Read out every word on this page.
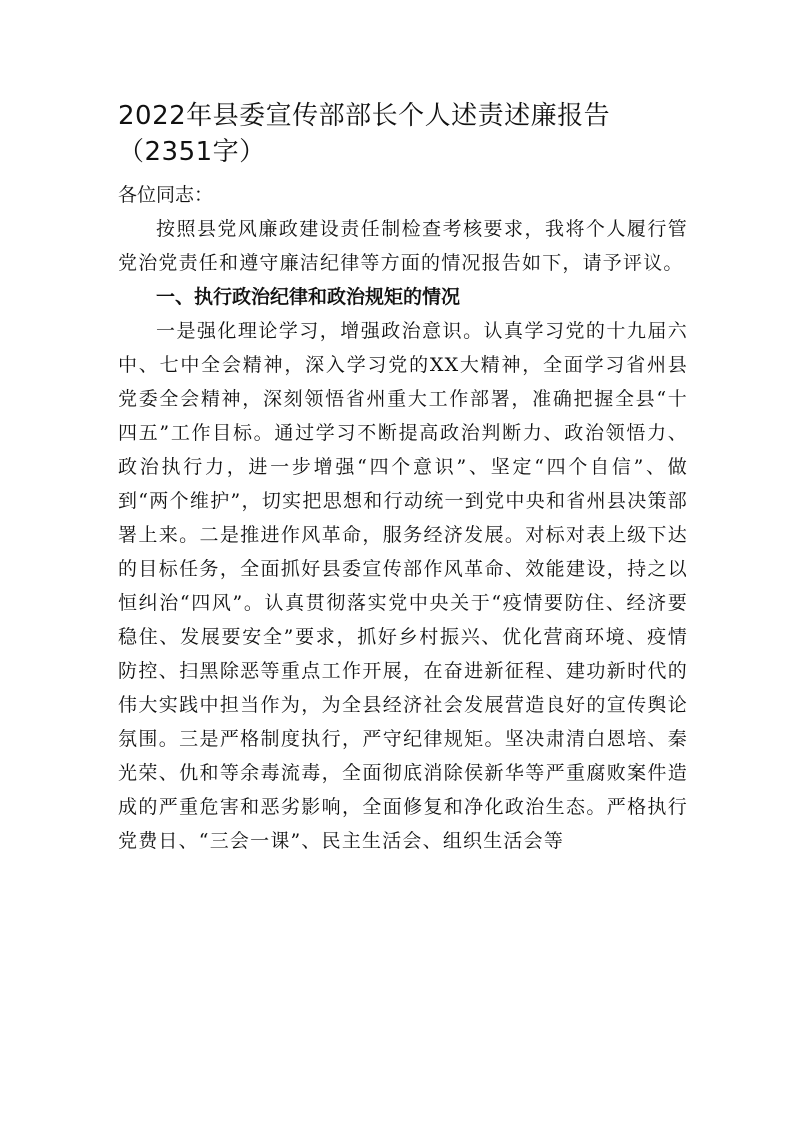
2022年县委宣传部部长个人述责述廉报告（2351字）

各位同志：

按照县党风廉政建设责任制检查考核要求，我将个人履行管党治党责任和遵守廉洁纪律等方面的情况报告如下，请予评议。

一、执行政治纪律和政治规矩的情况

一是强化理论学习，增强政治意识。认真学习党的十九届六中、七中全会精神，深入学习党的XX大精神，全面学习省州县党委全会精神，深刻领悟省州重大工作部署，准确把握全县“十四五”工作目标。通过学习不断提高政治判断力、政治领悟力、政治执行力，进一步增强“四个意识”、坚定“四个自信”、做到“两个维护”，切实把思想和行动统一到党中央和省州县决策部署上来。二是推进作风革命，服务经济发展。对标对表上级下达的目标任务，全面抓好县委宣传部作风革命、效能建设，持之以恒纠治“四风”。认真贯彻落实党中央关于“疫情要防住、经济要稳住、发展要安全”要求，抓好乡村振兴、优化营商环境、疫情防控、扫黑除恶等重点工作开展，在奋进新征程、建功新时代的伟大实践中担当作为，为全县经济社会发展营造良好的宣传舆论氛围。三是严格制度执行，严守纪律规矩。坚决肃清白恩培、秦光荣、仇和等余毒流毒，全面彻底消除侯新华等严重腐败案件造成的严重危害和恶劣影响，全面修复和净化政治生态。严格执行党费日、“三会一课”、民主生活会、组织生活会等
